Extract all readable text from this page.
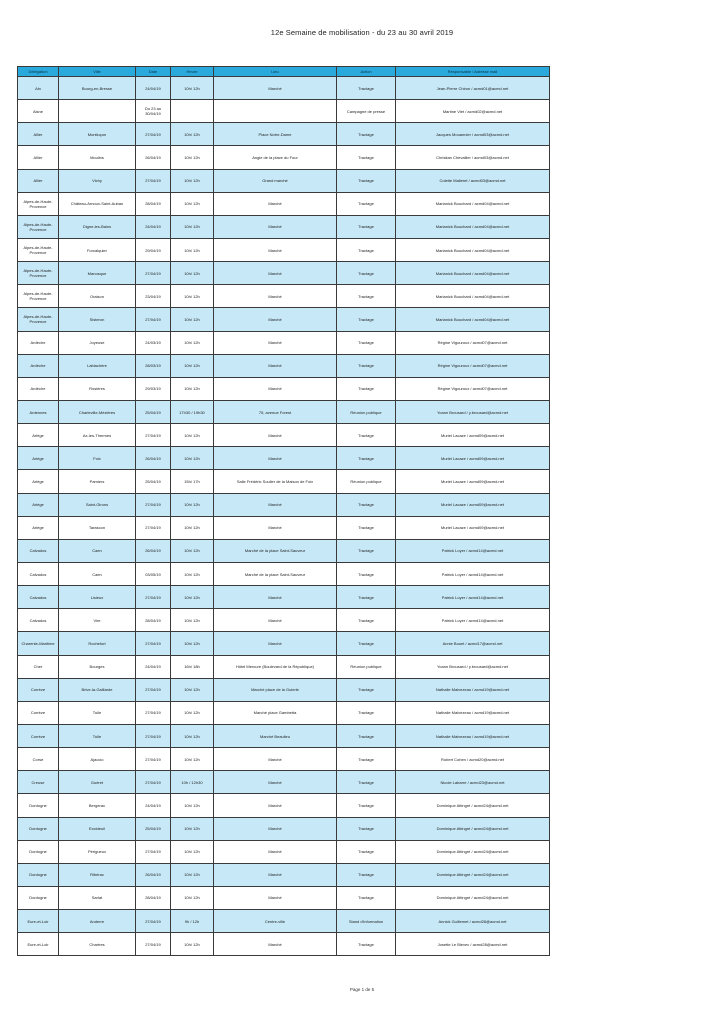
12e Semaine de mobilisation - du 23 au 30 avril 2019
Délégation	Ville	Date	Heure	Lieu	Action	Responsable / Adresse mail
Ain	Bourg-en-Bresse	24/04/19	10h/ 12h	Marché	Tractage	Jean-Pierre Chiron / acmd01@acmd.net
Aisne		Du 23 au 30/04/19			Campagne de presse	Martine Viet / acmd02@acmd.net
Allier	Montluçon	27/04/19	10h/ 12h	Place Notre-Dame	Tractage	Jacques Mouannier / acmd03@acmd.net
Allier	Moulins	26/04/19	10h/ 12h	Angle de la place du Four	Tractage	Christian Chevallier / acmd03@acmd.net
Allier	Vichy	27/04/19	10h/ 12h	Grand marché	Tractage	Colette Malleret / acmd03@acmd.net
Alpes-de-Haute-Provence	Château-Arnoux-Saint-Auban	28/04/19	10h/ 12h	Marché	Tractage	Marianick Bouchard / acmd04@acmd.net
Alpes-de-Haute-Provence	Digne-les-Bains	24/04/19	10h/ 12h	Marché	Tractage	Marianick Bouchard / acmd04@acmd.net
Alpes-de-Haute-Provence	Forcalquier	29/04/19	10h/ 12h	Marché	Tractage	Marianick Bouchard / acmd04@acmd.net
Alpes-de-Haute-Provence	Manosque	27/04/19	10h/ 12h	Marché	Tractage	Marianick Bouchard / acmd04@acmd.net
Alpes-de-Haute-Provence	Oraison	23/04/19	10h/ 12h	Marché	Tractage	Marianick Bouchard / acmd04@acmd.net
Alpes-de-Haute-Provence	Sisteron	27/04/19	10h/ 12h	Marché	Tractage	Marianick Bouchard / acmd04@acmd.net
Ardèche	Joyeuse	24/03/19	10h/ 12h	Marché	Tractage	Régine Vigouroux / acmd07@acmd.net
Ardèche	Lablachère	28/03/19	10h/ 12h	Marché	Tractage	Régine Vigouroux / acmd07@acmd.net
Ardèche	Rosières	29/03/19	10h/ 12h	Marché	Tractage	Régine Vigouroux / acmd07@acmd.net
Ardennes	Charleville-Mézières	25/04/19	17h30 / 19h30	75, avenue Forest	Réunion publique	Yoann Brousard / y.brousard@acmd.net
Ariège	Ax-les-Thermes	27/04/19	10h/ 12h	Marché	Tractage	Muriel Lacaze / acmd09@acmd.net
Ariège	Foix	26/04/19	10h/ 12h	Marché	Tractage	Muriel Lacaze / acmd09@acmd.net
Ariège	Pamiers	25/04/19	15h/ 17h	Salle Frédéric Soulier de la Maison de Foix	Réunion publique	Muriel Lacaze / acmd09@acmd.net
Ariège	Saint-Girons	27/04/19	10h/ 12h	Marché	Tractage	Muriel Lacaze / acmd09@acmd.net
Ariège	Tarascon	27/04/19	10h/ 12h	Marché	Tractage	Muriel Lacaze / acmd09@acmd.net
Calvados	Caen	26/04/19	10h/ 12h	Marché de la place Saint-Sauveur	Tractage	Patrick Loyer / acmd14@acmd.net
Calvados	Caen	03/05/19	10h/ 12h	Marché de la place Saint-Sauveur	Tractage	Patrick Loyer / acmd14@acmd.net
Calvados	Lisieux	27/04/19	10h/ 12h	Marché	Tractage	Patrick Loyer / acmd14@acmd.net
Calvados	Vire	28/04/19	10h/ 12h	Marché	Tractage	Patrick Loyer / acmd14@acmd.net
Charente-Maritime	Rochefort	27/04/19	10h/ 12h	Marché	Tractage	Annie Bouet / acmd17@acmd.net
Cher	Bourges	24/04/19	16h/ 18h	Hôtel Mercure (Boulevard de la République)	Réunion publique	Yoann Brousard / y.brousard@acmd.net
Corrèze	Brive-la-Gaillarde	27/04/19	10h/ 12h	Marché place de la Guierle	Tractage	Nathalie Malvezeau / acmd19@acmd.net
Corrèze	Tulle	27/04/19	10h/ 12h	Marché place Gambetta	Tractage	Nathalie Malvezeau / acmd19@acmd.net
Corrèze	Tulle	27/04/19	10h/ 12h	Marché Beaulieu	Tractage	Nathalie Malvezeau / acmd19@acmd.net
Corse	Ajaccio	27/04/19	10h/ 12h	Marché	Tractage	Robert Cohen / acmd20@acmd.net
Creuse	Guéret	27/04/19	10h / 12h30	Marché	Tractage	Nicole Labarre / acmd23@acmd.net
Dordogne	Bergerac	24/04/19	10h/ 12h	Marché	Tractage	Dominique Attingré / acmd24@acmd.net
Dordogne	Excideuil	25/04/19	10h/ 12h	Marché	Tractage	Dominique Attingré / acmd24@acmd.net
Dordogne	Périgueux	27/04/19	10h/ 12h	Marché	Tractage	Dominique Attingré / acmd24@acmd.net
Dordogne	Ribérac	26/04/19	10h/ 12h	Marché	Tractage	Dominique Attingré / acmd24@acmd.net
Dordogne	Sarlat	28/04/19	10h/ 12h	Marché	Tractage	Dominique Attingré / acmd24@acmd.net
Eure-et-Loir	Anderre	27/04/19	9h / 12h	Centre-ville	Stand d'information	Annick Guillemet / acmd28@acmd.net
Eure-et-Loir	Chartres	27/04/19	10h/ 12h	Marché	Tractage	Josette Le Blevec / acmd28@acmd.net
Page 1 de 5
